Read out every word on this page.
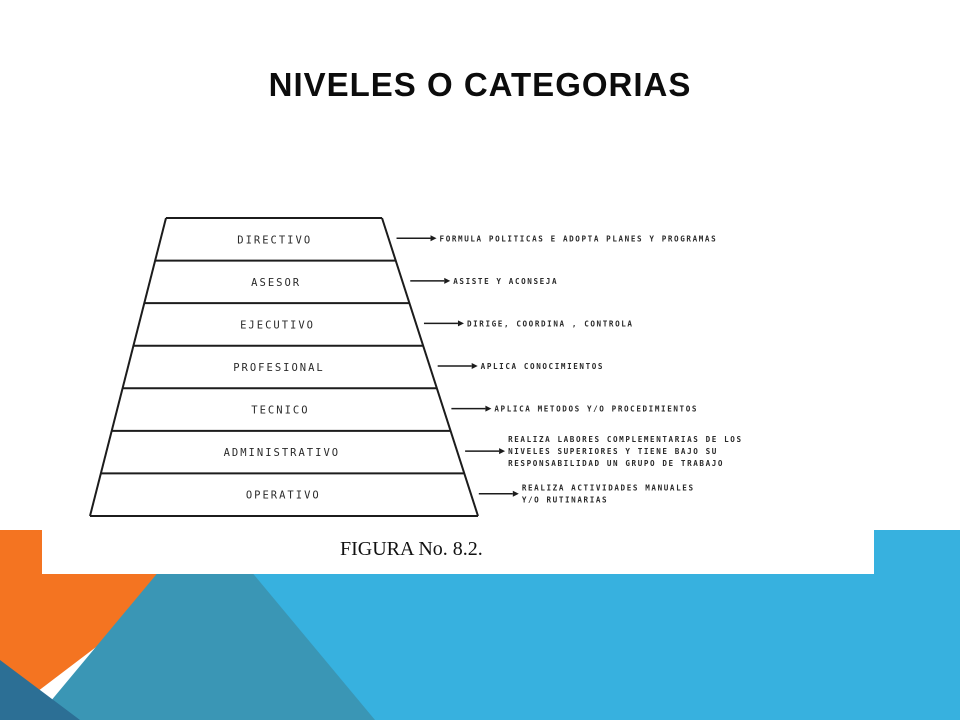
NIVELES O CATEGORIAS
DIRECTIVO
ASESOR
EJECUTIVO
PROFESIONAL
TECNICO
ADMINISTRATIVO
OPERATIVO
FORMULA POLITICAS E ADOPTA PLANES Y PROGRAMAS
ASISTE Y ACONSEJA
DIRIGE, COORDINA , CONTROLA
APLICA CONOCIMIENTOS
APLICA METODOS Y/O PROCEDIMIENTOS
REALIZA LABORES COMPLEMENTARIAS DE LOS
NIVELES SUPERIORES Y TIENE BAJO SU
RESPONSABILIDAD UN GRUPO DE TRABAJO
REALIZA ACTIVIDADES MANUALES
Y/O RUTINARIAS
FIGURA No. 8.2.
